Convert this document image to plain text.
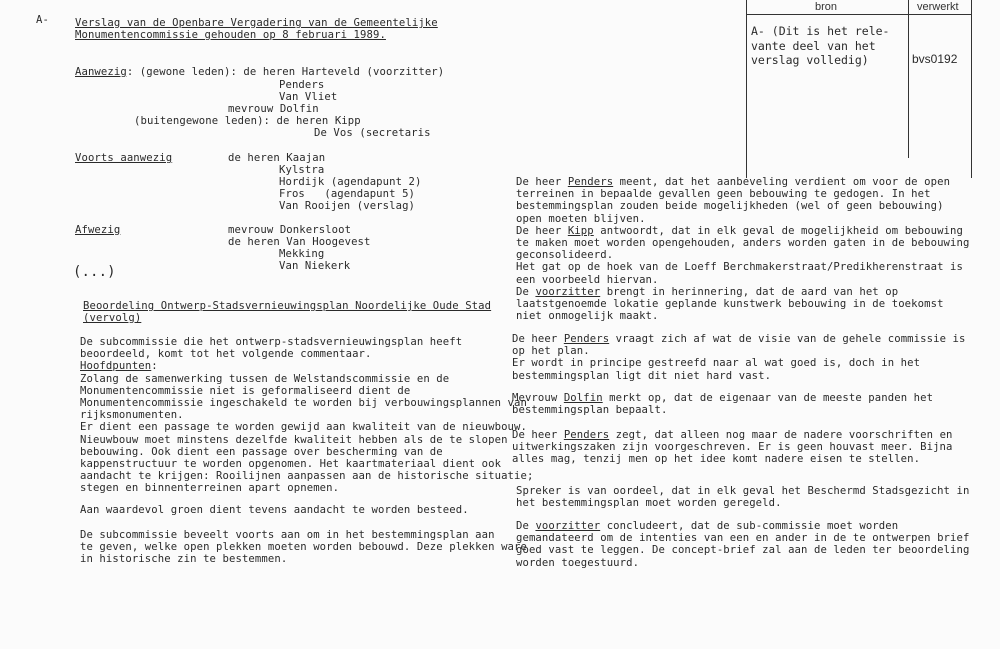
A- Verslag van de Openbare Vergadering van de Gemeentelijke
Monumentencommissie gehouden op 8 februari 1989.
bron	verwerkt
A- (Dit is het rele-
vante deel van het
verslag volledig)	bvs0192
Aanwezig: (gewone leden): de heren Harteveld (voorzitter)
Penders
Van Vliet
mevrouw Dolfin
(buitengewone leden): de heren Kipp
De Vos (secretaris
Voorts aanwezig	de heren Kaajan
Kylstra
Hordijk (agendapunt 2)
Fros   (agendapunt 5)
Van Rooijen (verslag)
Afwezig	mevrouw Donkersloot
de heren Van Hoogevest
Mekking
Van Niekerk
(...)
Beoordeling Ontwerp-Stadsvernieuwingsplan Noordelijke Oude Stad
(vervolg)
De subcommissie die het ontwerp-stadsvernieuwingsplan heeft
beoordeeld, komt tot het volgende commentaar.
Hoofdpunten:
Zolang de samenwerking tussen de Welstandscommissie en de
Monumentencommissie niet is geformaliseerd dient de
Monumentencommissie ingeschakeld te worden bij verbouwingsplannen van
rijksmonumenten.
Er dient een passage te worden gewijd aan kwaliteit van de nieuwbouw.
Nieuwbouw moet minstens dezelfde kwaliteit hebben als de te slopen
bebouwing. Ook dient een passage over bescherming van de
kappenstructuur te worden opgenomen. Het kaartmateriaal dient ook
aandacht te krijgen: Rooilijnen aanpassen aan de historische situatie;
stegen en binnenterreinen apart opnemen.
Aan waardevol groen dient tevens aandacht te worden besteed.
De subcommissie beveelt voorts aan om in het bestemmingsplan aan
te geven, welke open plekken moeten worden bebouwd. Deze plekken ware
in historische zin te bestemmen.
De heer Penders meent, dat het aanbeveling verdient om voor de open
terreinen in bepaalde gevallen geen bebouwing te gedogen. In het
bestemmingsplan zouden beide mogelijkheden (wel of geen bebouwing)
open moeten blijven.
De heer Kipp antwoordt, dat in elk geval de mogelijkheid om bebouwing
te maken moet worden opengehouden, anders worden gaten in de bebouwing
geconsolideerd.
Het gat op de hoek van de Loeff Berchmakerstraat/Predikherenstraat is
een voorbeeld hiervan.
De voorzitter brengt in herinnering, dat de aard van het op
laatstgenoemde lokatie geplande kunstwerk bebouwing in de toekomst
niet onmogelijk maakt.
De heer Penders vraagt zich af wat de visie van de gehele commissie is
op het plan.
Er wordt in principe gestreefd naar al wat goed is, doch in het
bestemmingsplan ligt dit niet hard vast.
Mevrouw Dolfin merkt op, dat de eigenaar van de meeste panden het
bestemmingsplan bepaalt.
De heer Penders zegt, dat alleen nog maar de nadere voorschriften en
uitwerkingszaken zijn voorgeschreven. Er is geen houvast meer. Bijna
alles mag, tenzij men op het idee komt nadere eisen te stellen.
Spreker is van oordeel, dat in elk geval het Beschermd Stadsgezicht in
het bestemmingsplan moet worden geregeld.
De voorzitter concludeert, dat de sub-commissie moet worden
gemandateerd om de intenties van een en ander in de te ontwerpen brief
goed vast te leggen. De concept-brief zal aan de leden ter beoordeling
worden toegestuurd.
